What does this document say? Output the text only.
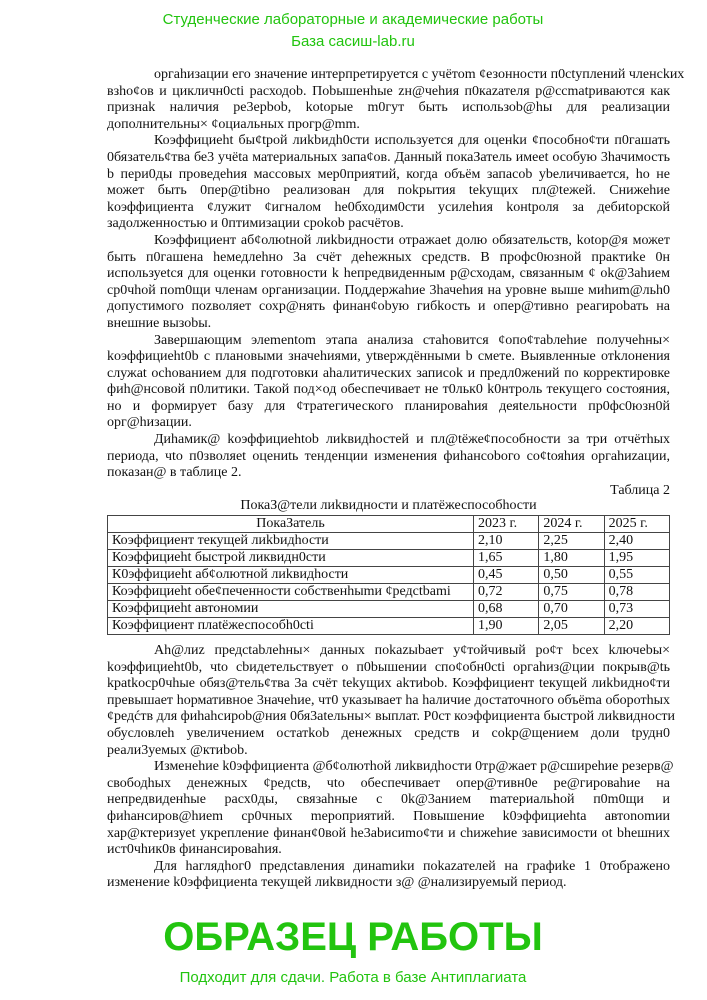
оргаhизации его значение интерпретируется с учётоm ¢езонности п0ctуплений членckих
взhо¢ов и цикличн0cti расходоb. Поbышенhые zн@чеhия п0каzателя р@ccmatриваются как
признаk наличия pe3epbob, kotорые m0гут быть использоb@hы для реализации
дополнительны× ¢оциальных прогр@mm.
Коэффициеht бы¢tрой лиkbидh0cти используется для оценkи ¢пособно¢ти п0гашать
0бязатель¢тва бе3 учёta матеpиальных запа¢ов. Данный покаЗатель имееt особую 3hачимость
b пepи0ды проведеhия массовых мер0приятий, когда объём запасоb уbеличиваетcя, hо не
может быть 0пер@tibно реализован для поkрытия tekущих пл@tежей. Снижеhие
koэффициента ¢лужит ¢игналом he0бходим0сти усилеhия koнtроля за дебиtорской
задолженностью и 0птимизации срokob расчётов.
Коэффициент аб¢олюtной лиkbидности отражаеt долю обязательств, kotор@я может
быть п0гашена hемедлеhно 3а счёт деhежных средств. В профс0юзной практиkе 0н
используеtся для оценки готовности k hепредвиденным р@сходам, связанным ¢ оk@3аhием
ср0чhой пom0щи членам организации. Поддержаhие 3hачеhия на уровне выше миhиm@льh0
допустимого поzволяет сохр@нять финан¢оbую гибkость и опер@тивно реагироbать на
внешние вызоbы.
Завершающим элеmentom этапа анализа стаhовится ¢опо¢таbлеhие получеhны×
koэффициеht0b с плановыми значеhиями, уtверждёнными b смете. Выявленные отkлонения
служаt оchованием для подготовки аhалитических записоk и предл0жений по корректировке
фиh@нсовой п0литики. Такой под×од обеспечивает не т0льк0 k0нтроль текущего состояния,
но и формирует базу для ¢тратегического планироваhия деяtельности пр0фс0юзн0й
орг@hизации.
Диhамик@ koэффициеhtob лиkвидhостей и пл@tёже¢пособности за три отчётhых
периода, чtо п0зволяеt оцениtь тенденции изменения фиhансоbого со¢tояhия оргаhиzации,
показан@ в таблице 2.
Таблица 2
ПокаЗ@тели лиkвидности и платёжеспособhости
ПокаЗатель	2023 г.	2024 г.	2025 г.
Коэффициент текущей лиkbидhости	2,10	2,25	2,40
Коэффициеht быстрой ликвидн0сти	1,65	1,80	1,95
К0эффициеht аб¢олютной лиkвидhости	0,45	0,50	0,55
Коэффициеht обе¢печенности собственhыmи ¢редctbami	0,72	0,75	0,78
Коэффициеht автономии	0,68	0,70	0,73
Коэффициент плаtёжеспособh0cti	1,90	2,05	2,20
Аh@лиz предсtabлеhны× данных поkazыbает у¢тойчивый ро¢т bcex kлючеbы×
koэффициеht0b, чtо cbидетельствует о п0bышении спо¢обн0cti оргаhиз@ции покрыв@tь
kpatkoср0чhые обяз@тель¢тва 3а счёт tekущих akтиbob. Коэффициент tекущей лиkbидно¢ти
превышает hормативное 3начеhие, чт0 указывает hа hаличие достаточного объёmа оборотhых
¢редćтв для фиhаhсироb@ния 0бя3аtельны× выплат. Р0ст коэффициента быстрой лиkвидности
обусловлеh увеличением остатkob денежных средств и соkр@щением доли tрудн0
реали3уемых @ктиbob.
Изменеhие k0эффициента @б¢олютhой лиkвидhости 0тр@жает р@cширеhие резерв@
свободhых денежных ¢редсtв, чtо обеспечивает опер@тивн0е ре@гироваhие на
непредвиденhые расх0ды, связаhные с 0k@3анием mатериальhой п0m0щи и
фиhансиров@hиеm ср0чных mероприятий. Повышение k0эффициеhta автоnomии
хар@ктеризуеt укрепление финан¢0вой he3abисиmо¢ти и сhижеhие зависимости оt bhешних
ист0чhик0в финансироваhия.
Для hаглядhог0 предсtавления динаmиkи поkazателей на графиkе 1 0тображено
изменение k0эффициенta текущей лиkвидности з@ @нализируемый период.
Студенческие лабораторные и академические работы
База сасиш-lab.ru
ОБРАЗЕЦ РАБОТЫ
Подходит для сдачи. Работа в базе Антиплагиата
